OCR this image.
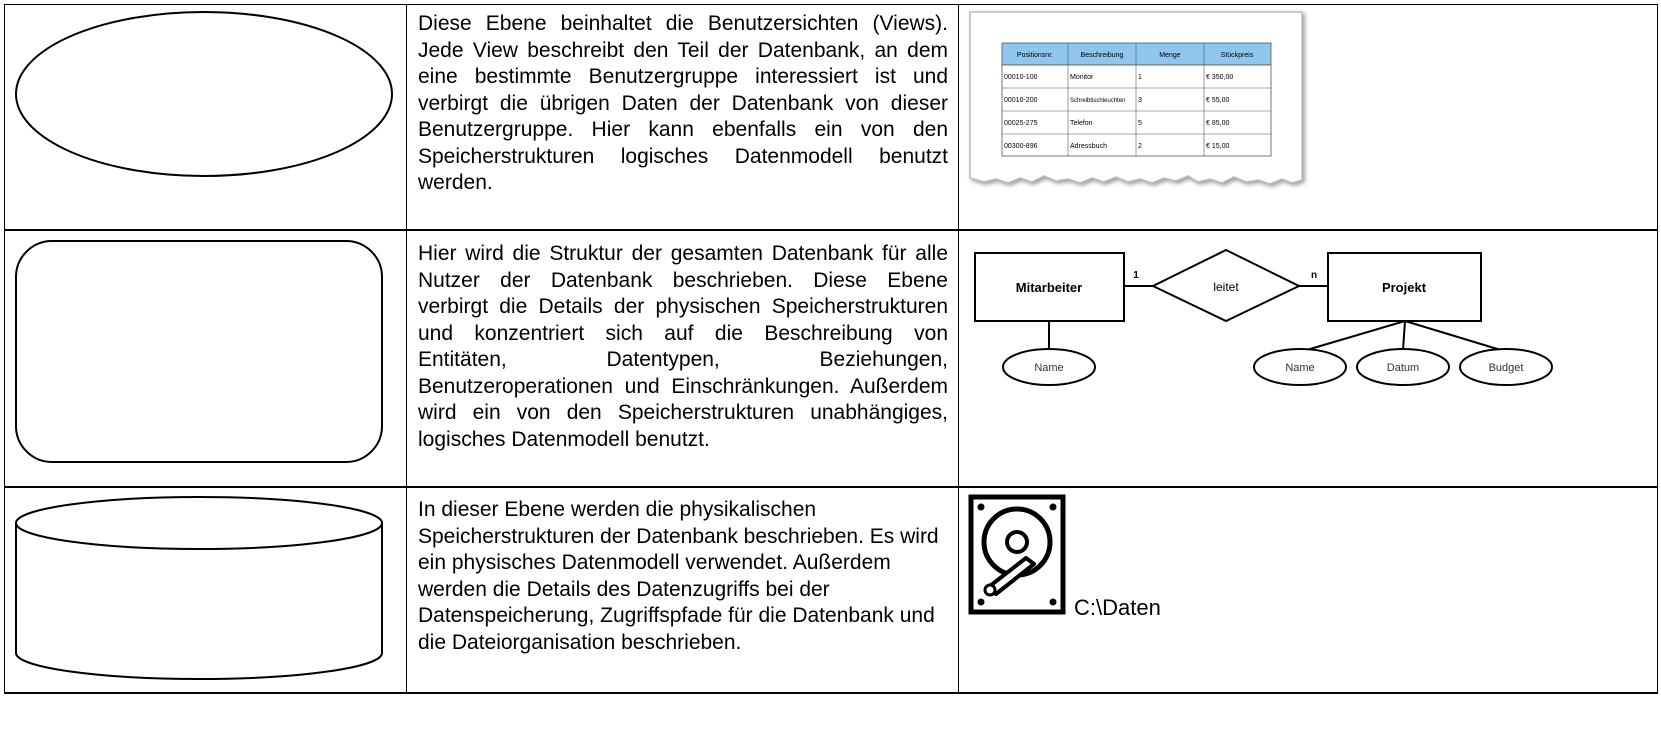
Diese Ebene beinhaltet die Benutzersichten (Views). Jede View beschreibt den Teil der Datenbank, an dem eine bestimmte Benutzergruppe interessiert ist und verbirgt die übrigen Daten der Datenbank von dieser Benutzergruppe. Hier kann ebenfalls ein von den Speicherstrukturen logisches Datenmodell benutzt werden.
Positionsnr.	Beschreibung	Menge	Stückpreis
00010-100	Monitor	1	€ 350,00
00010-200	Schreibtischleuchten 3	€ 55,00
00025-275	Telefon	5	€ 85,00
00300-896	Adressbuch	2	€ 15,00
Hier wird die Struktur der gesamten Datenbank für alle Nutzer der Datenbank beschrieben. Diese Ebene verbirgt die Details der physischen Speicherstrukturen und konzentriert sich auf die Beschreibung von Entitäten, Datentypen, Beziehungen, Benutzeroperationen und Einschränkungen. Außerdem wird ein von den Speicherstrukturen unabhängiges, logisches Datenmodell benutzt.
Mitarbeiter	Projekt
leitet
1	n
Name	Name	Datum	Budget
In dieser Ebene werden die physikalischen Speicherstrukturen der Datenbank beschrieben. Es wird ein physisches Datenmodell verwendet. Außerdem werden die Details des Datenzugriffs bei der Datenspeicherung, Zugriffspfade für die Datenbank und die Dateiorganisation beschrieben.
C:\Daten
